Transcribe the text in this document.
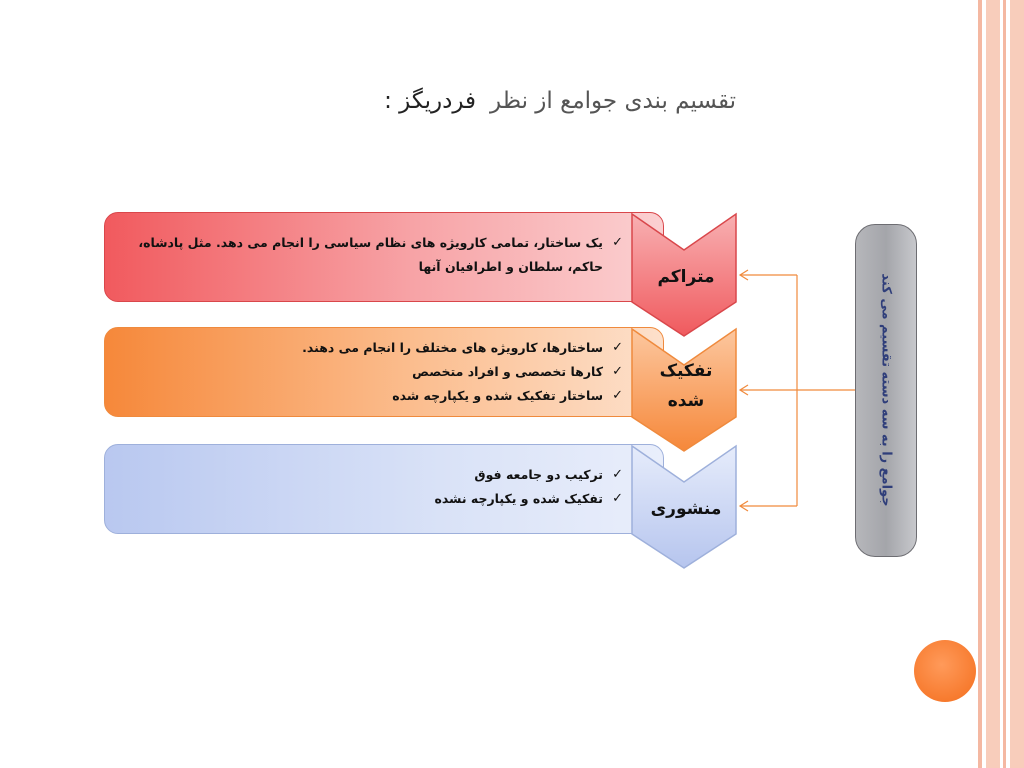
تقسیم بندی جوامع از نظرفردریگز :
✓ یک ساختار، تمامی کارویژه های نظام سیاسی را انجام می دهد. مثل پادشاه، حاکم، سلطان و اطرافیان آنها
✓ ساختارها، کارویژه های مختلف را انجام می دهند.
✓ کارها تخصصی و افراد متخصص
✓ ساختار تفکیک شده و یکپارچه شده
✓ ترکیب دو جامعه فوق
✓ تفکیک شده و یکپارچه نشده
متراکم
تفکیک شده
منشوری
جوامع را به سه دسته تقسیم می کند
